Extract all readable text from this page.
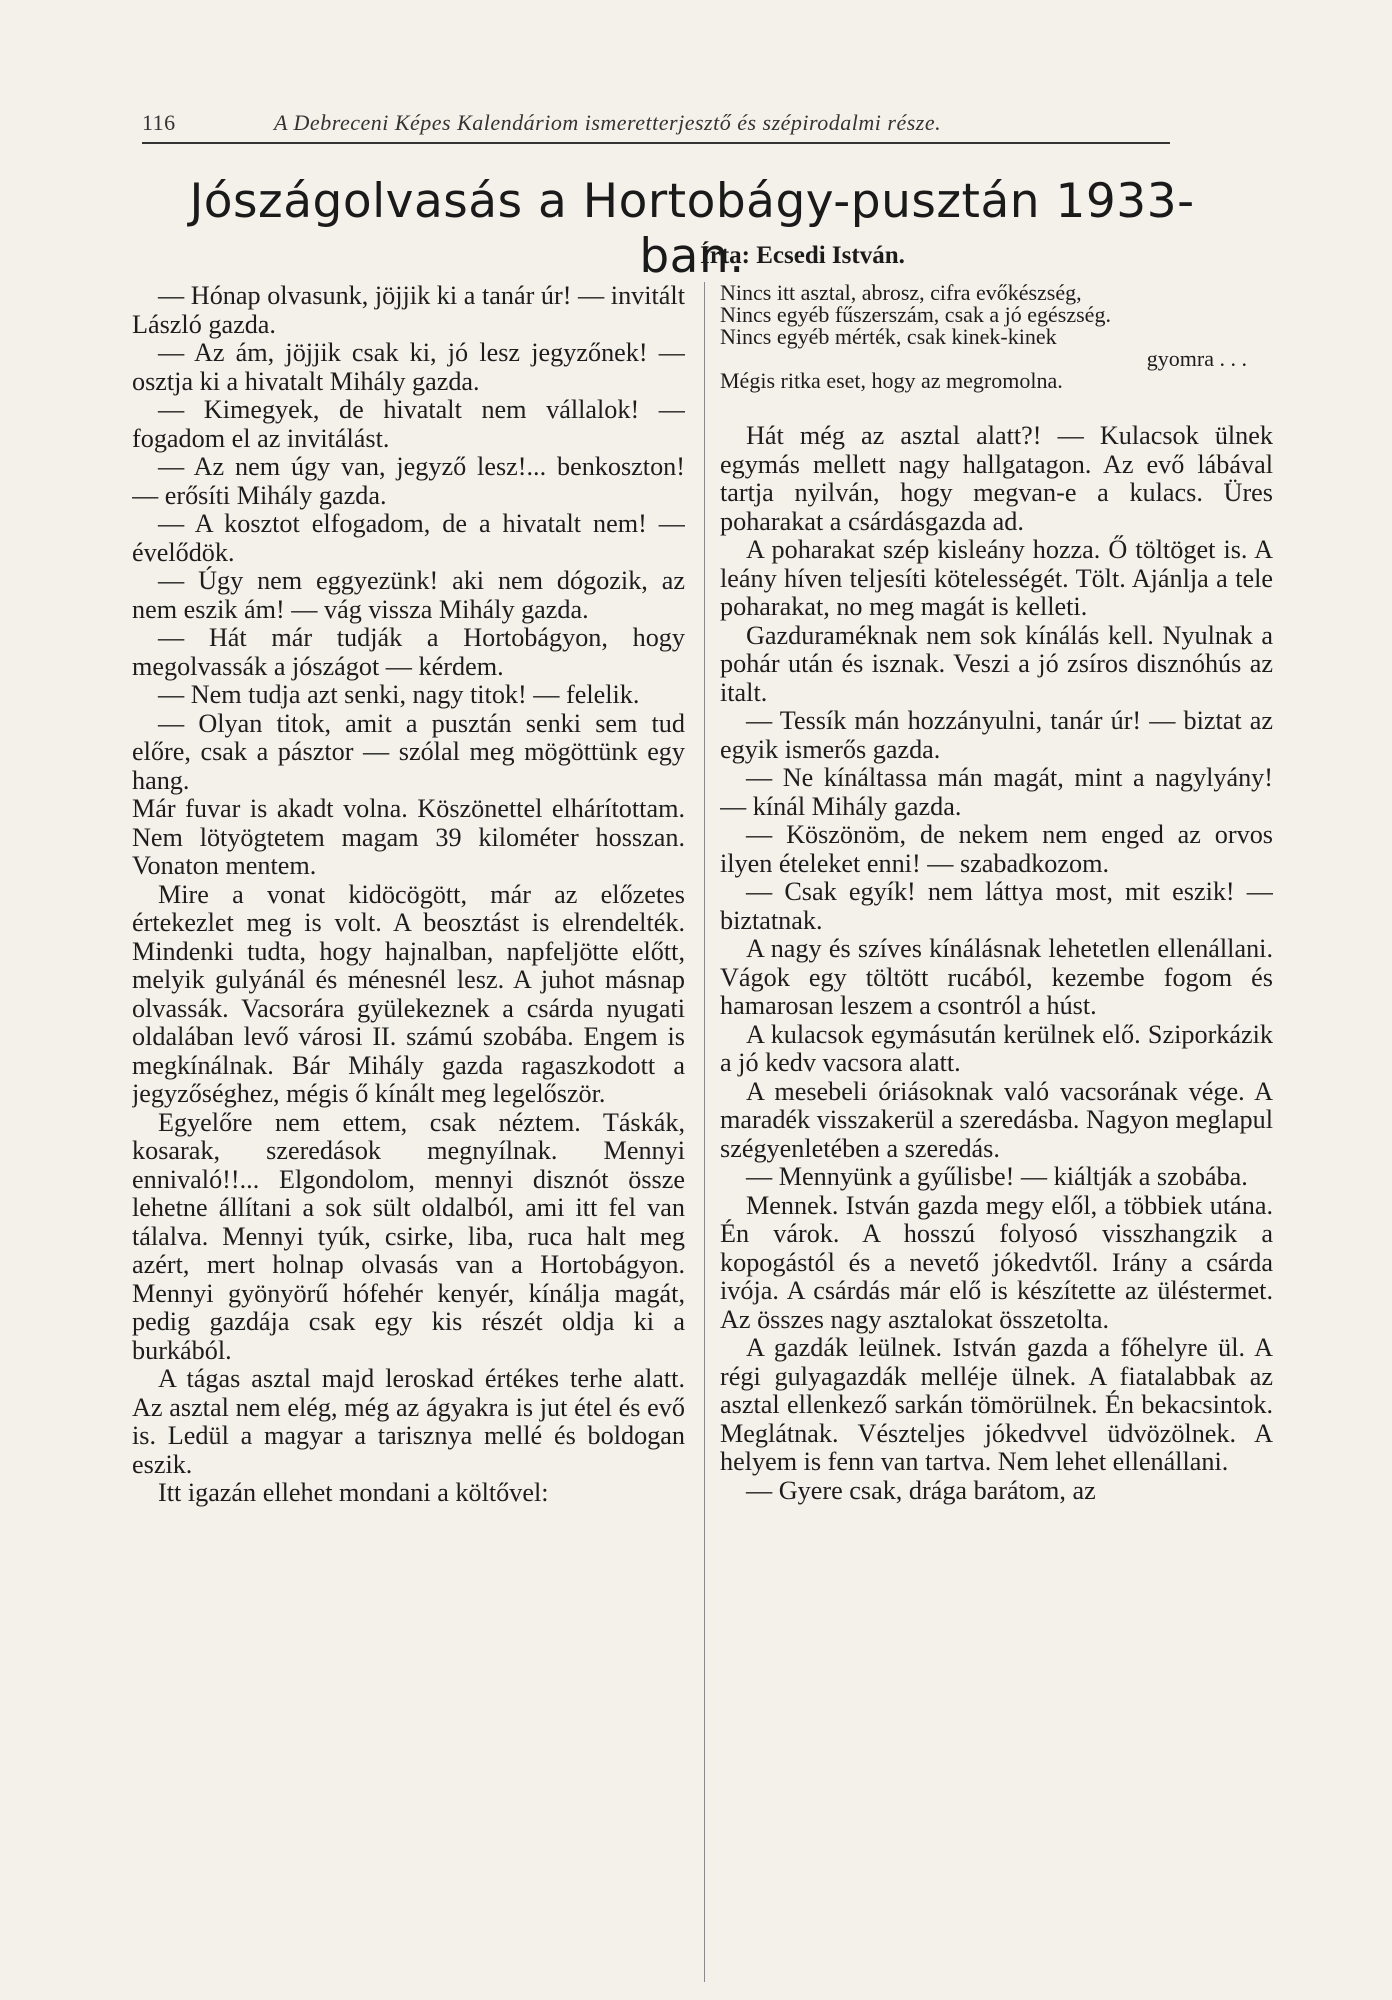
116	A Debreceni Képes Kalendáriom ismeretterjesztő és szépirodalmi része.
Jószágolvasás a Hortobágy-pusztán 1933-ban.
Írta: Ecsedi István.

— Hónap olvasunk, jöjjik ki a tanár úr! — invitált László gazda.

— Az ám, jöjjik csak ki, jó lesz jegyzőnek! — osztja ki a hivatalt Mihály gazda.

— Kimegyek, de hivatalt nem vállalok! — fogadom el az invitálást.

— Az nem úgy van, jegyző lesz!... benkoszton! — erősíti Mihály gazda.

— A kosztot elfogadom, de a hivatalt nem! — évelődök.

— Úgy nem eggyezünk! aki nem dógozik, az nem eszik ám! — vág vissza Mihály gazda.

— Hát már tudják a Hortobágyon, hogy megolvassák a jószágot — kérdem.

— Nem tudja azt senki, nagy titok! — felelik.

— Olyan titok, amit a pusztán senki sem tud előre, csak a pásztor — szólal meg mögöttünk egy hang.

Már fuvar is akadt volna. Köszönettel elhárítottam. Nem lötyögtetem magam 39 kilométer hosszan. Vonaton mentem.

Mire a vonat kidöcögött, már az előzetes értekezlet meg is volt. A beosztást is elrendelték. Mindenki tudta, hogy hajnalban, napfeljötte előtt, melyik gulyánál és ménesnél lesz. A juhot másnap olvassák. Vacsorára gyülekeznek a csárda nyugati oldalában levő városi II. számú szobába. Engem is megkínálnak. Bár Mihály gazda ragaszkodott a jegyzőséghez, mégis ő kínált meg legelőször.

Egyelőre nem ettem, csak néztem. Táskák, kosarak, szeredások megnyílnak. Mennyi ennivaló!!... Elgondolom, mennyi disznót össze lehetne állítani a sok sült oldalból, ami itt fel van tálalva. Mennyi tyúk, csirke, liba, ruca halt meg azért, mert holnap olvasás van a Hortobágyon. Mennyi gyönyörű hófehér kenyér, kínálja magát, pedig gazdája csak egy kis részét oldja ki a burkából.

A tágas asztal majd leroskad értékes terhe alatt. Az asztal nem elég, még az ágyakra is jut étel és evő is. Ledül a magyar a tarisznya mellé és boldogan eszik.

Itt igazán ellehet mondani a költővel:

Nincs itt asztal, abrosz, cifra evőkészség,
Nincs egyéb fűszerszám, csak a jó egészség.
Nincs egyéb mérték, csak kinek-kinek
gyomra . . .
Mégis ritka eset, hogy az megromolna.

Hát még az asztal alatt?! — Kulacsok ülnek egymás mellett nagy hallgatagon. Az evő lábával tartja nyilván, hogy megvan-e a kulacs. Üres poharakat a csárdásgazda ad.

A poharakat szép kisleány hozza. Ő töltöget is. A leány híven teljesíti kötelességét. Tölt. Ajánlja a tele poharakat, no meg magát is kelleti.

Gazduraméknak nem sok kínálás kell. Nyulnak a pohár után és isznak. Veszi a jó zsíros disznóhús az italt.

— Tessík mán hozzányulni, tanár úr! — biztat az egyik ismerős gazda.

— Ne kínáltassa mán magát, mint a nagylyány! — kínál Mihály gazda.

— Köszönöm, de nekem nem enged az orvos ilyen ételeket enni! — szabadkozom.

— Csak egyík! nem láttya most, mit eszik! — biztatnak.

A nagy és szíves kínálásnak lehetetlen ellenállani. Vágok egy töltött rucából, kezembe fogom és hamarosan leszem a csontról a húst.

A kulacsok egymásután kerülnek elő. Sziporkázik a jó kedv vacsora alatt.

A mesebeli óriásoknak való vacsorának vége. A maradék visszakerül a szeredásba. Nagyon meglapul szégyenletében a szeredás.

— Mennyünk a gyűlisbe! — kiáltják a szobába.

Mennek. István gazda megy elől, a többiek utána. Én várok. A hosszú folyosó visszhangzik a kopogástól és a nevető jókedvtől. Irány a csárda ivója. A csárdás már elő is készítette az üléstermet. Az összes nagy asztalokat összetolta.

A gazdák leülnek. István gazda a főhelyre ül. A régi gulyagazdák melléje ülnek. A fiatalabbak az asztal ellenkező sarkán tömörülnek. Én bekacsintok. Meglátnak. Vészteljes jókedvvel üdvözölnek. A helyem is fenn van tartva. Nem lehet ellenállani.

— Gyere csak, drága barátom, az
